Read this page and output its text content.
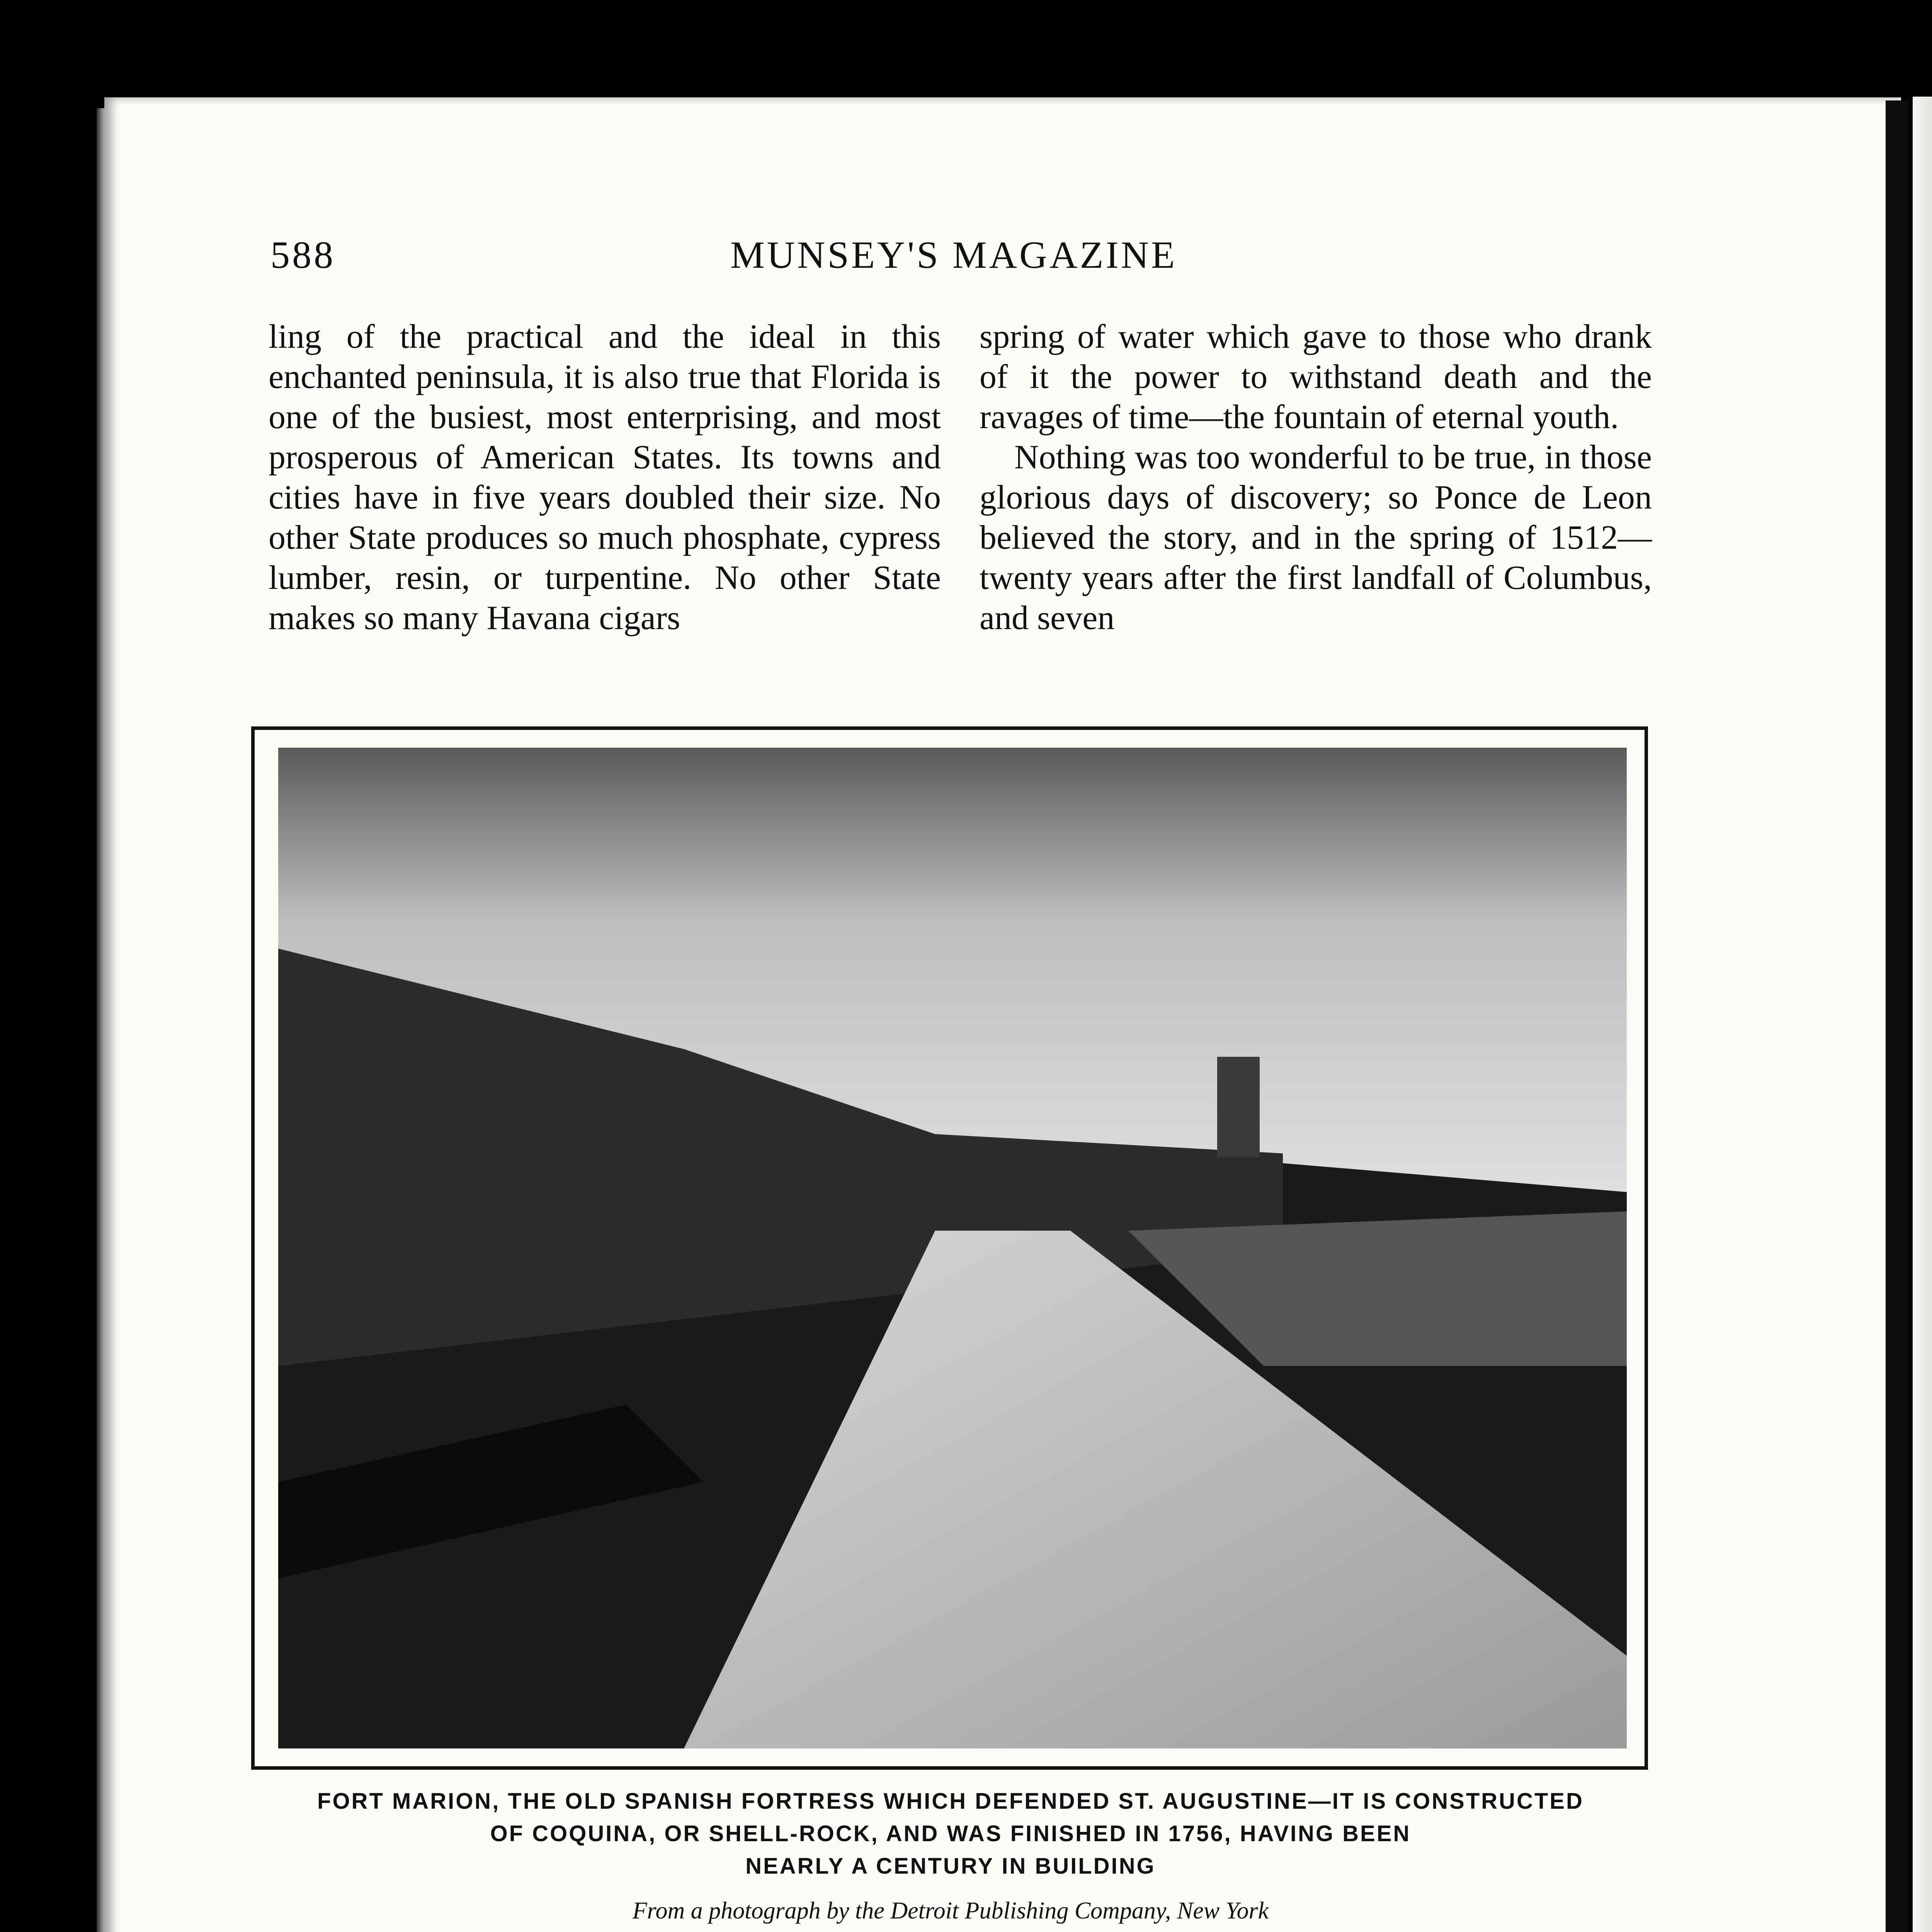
588	MUNSEY'S MAGAZINE

ling of the practical and the ideal in this enchanted peninsula, it is also true that Florida is one of the busiest, most enterprising, and most prosperous of American States. Its towns and cities have in five years doubled their size. No other State produces so much phosphate, cypress lumber, resin, or turpentine. No other State makes so many Havana cigars

spring of water which gave to those who drank of it the power to withstand death and the ravages of time—the fountain of eternal youth.

Nothing was too wonderful to be true, in those glorious days of discovery; so Ponce de Leon believed the story, and in the spring of 1512—twenty years after the first landfall of Columbus, and seven

FORT MARION, THE OLD SPANISH FORTRESS WHICH DEFENDED ST. AUGUSTINE—IT IS CONSTRUCTED
OF COQUINA, OR SHELL-ROCK, AND WAS FINISHED IN 1756, HAVING BEEN
NEARLY A CENTURY IN BUILDING
From a photograph by the Detroit Publishing Company, New York
